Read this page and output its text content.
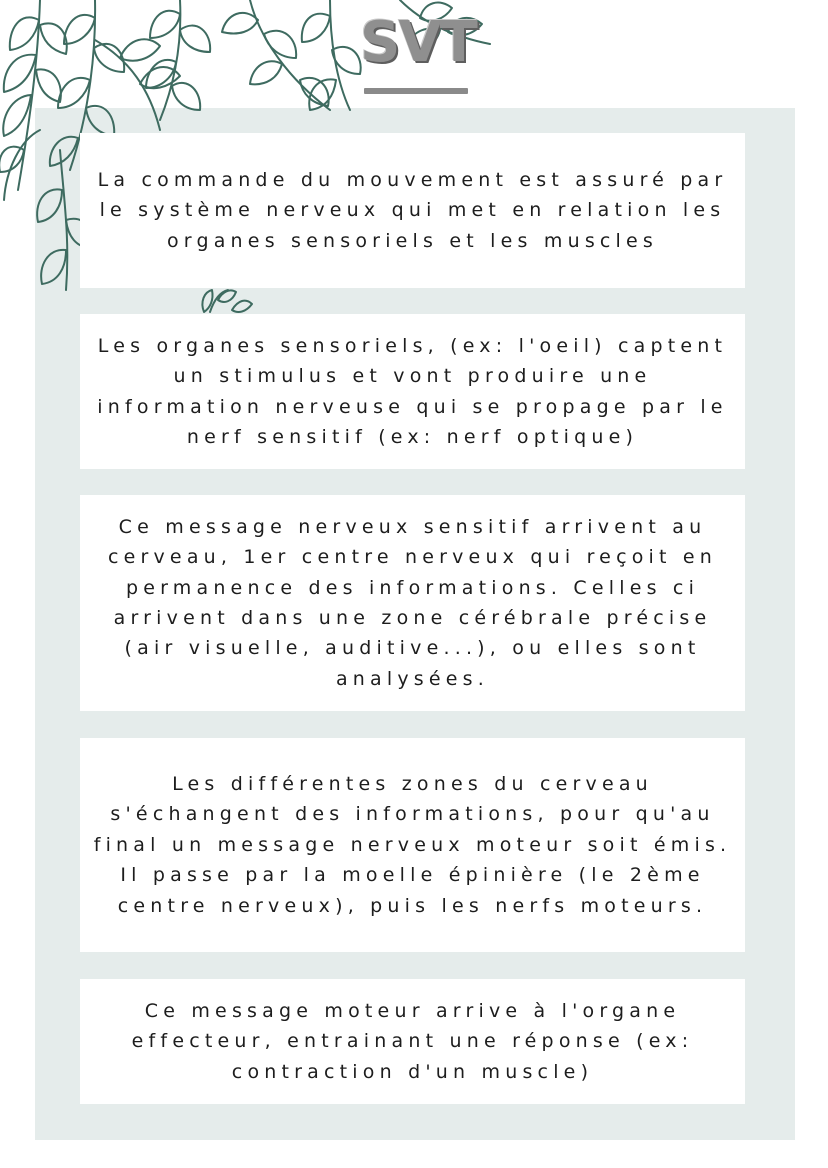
SVT

La commande du mouvement est assuré par le système nerveux qui met en relation les organes sensoriels et les muscles

Les organes sensoriels, (ex: l'oeil) captent un stimulus et vont produire une information nerveuse qui se propage par le nerf sensitif (ex: nerf optique)

Ce message nerveux sensitif arrivent au cerveau, 1er centre nerveux qui reçoit en permanence des informations. Celles ci arrivent dans une zone cérébrale précise (air visuelle, auditive...), ou elles sont analysées.

Les différentes zones du cerveau s'échangent des informations, pour qu'au final un message nerveux moteur soit émis. Il passe par la moelle épinière (le 2ème centre nerveux), puis les nerfs moteurs.

Ce message moteur arrive à l'organe effecteur, entrainant une réponse (ex: contraction d'un muscle)
